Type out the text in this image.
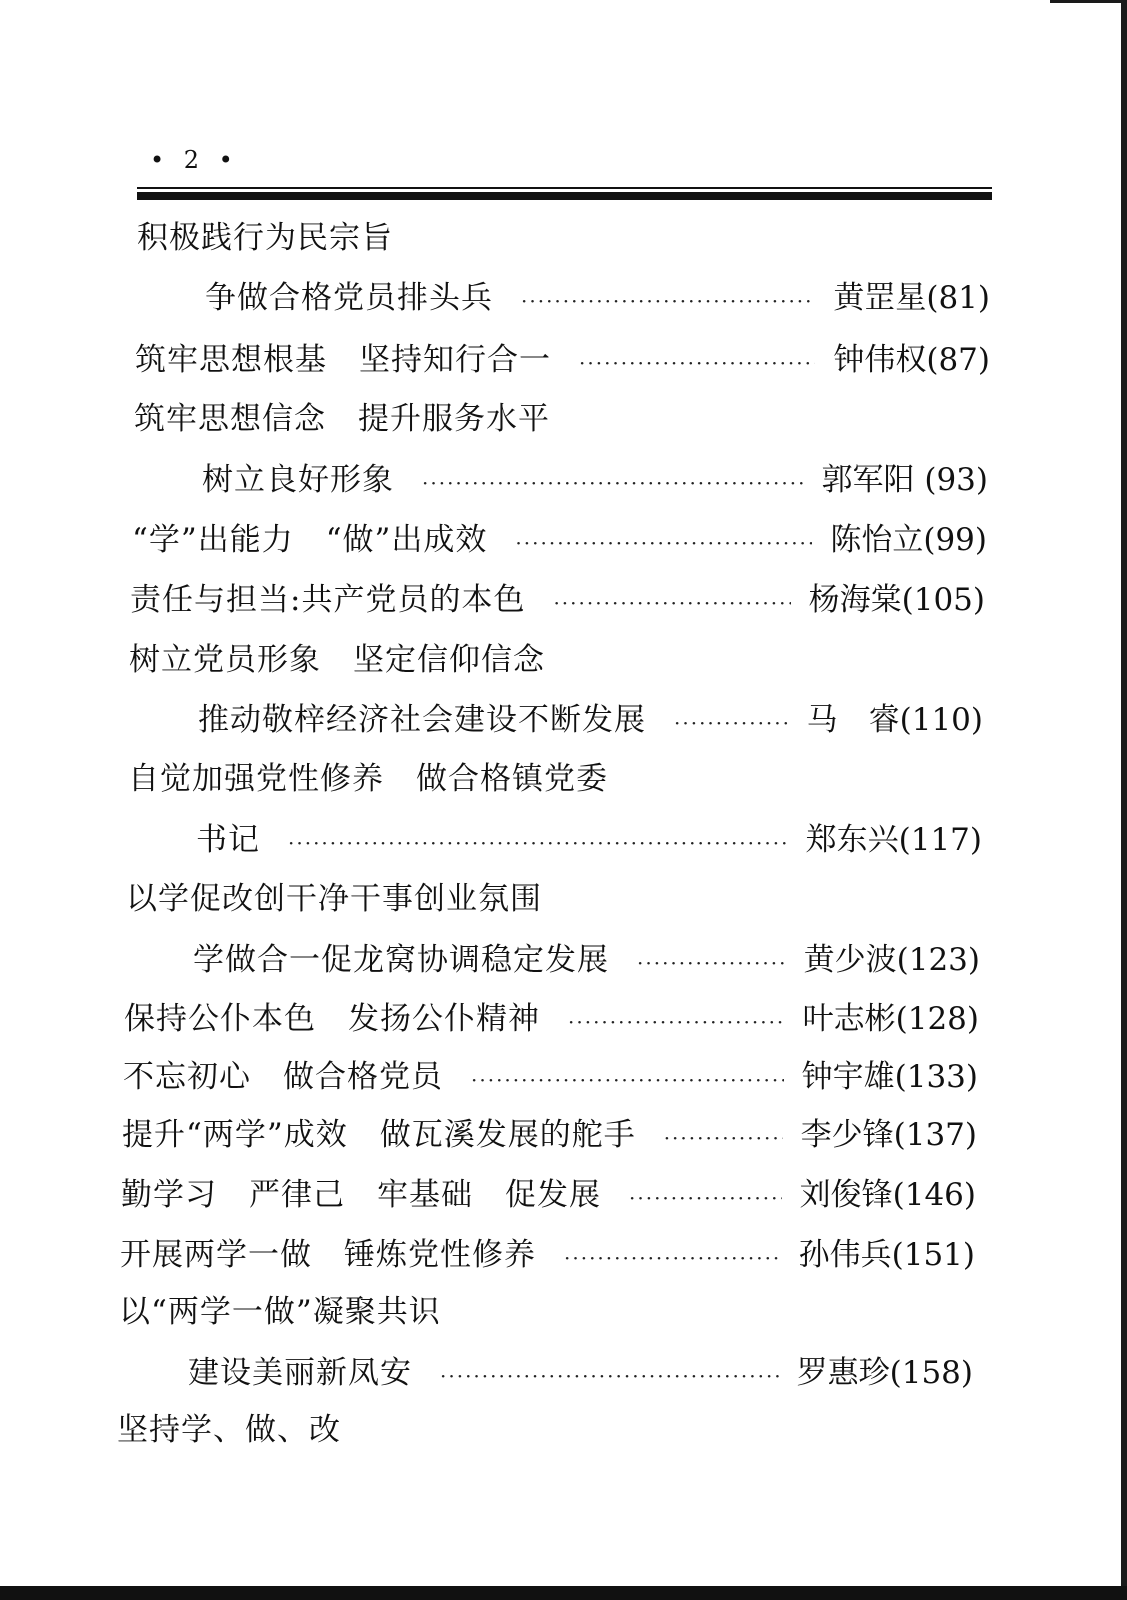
• 2 •
积极践行为民宗旨
争做合格党员排头兵 ·····	黄罡星(81)
筑牢思想根基　坚持知行合一 ·····	钟伟权(87)
筑牢思想信念　提升服务水平
树立良好形象 ·····	郭军阳 (93)
“学”出能力　“做”出成效 ·····	陈怡立(99)
责任与担当:共产党员的本色 ·····	杨海棠(105)
树立党员形象　坚定信仰信念
推动敬梓经济社会建设不断发展 ·····	马　睿(110)
自觉加强党性修养　做合格镇党委
书记 ·····	郑东兴(117)
以学促改创干净干事创业氛围
学做合一促龙窝协调稳定发展 ·····	黄少波(123)
保持公仆本色　发扬公仆精神 ·····	叶志彬(128)
不忘初心　做合格党员 ·····	钟宇雄(133)
提升“两学”成效　做瓦溪发展的舵手 ·····	李少锋(137)
勤学习　严律己　牢基础　促发展 ·····	刘俊锋(146)
开展两学一做　锤炼党性修养 ·····	孙伟兵(151)
以“两学一做”凝聚共识
建设美丽新凤安 ·····	罗惠珍(158)
坚持学、做、改
